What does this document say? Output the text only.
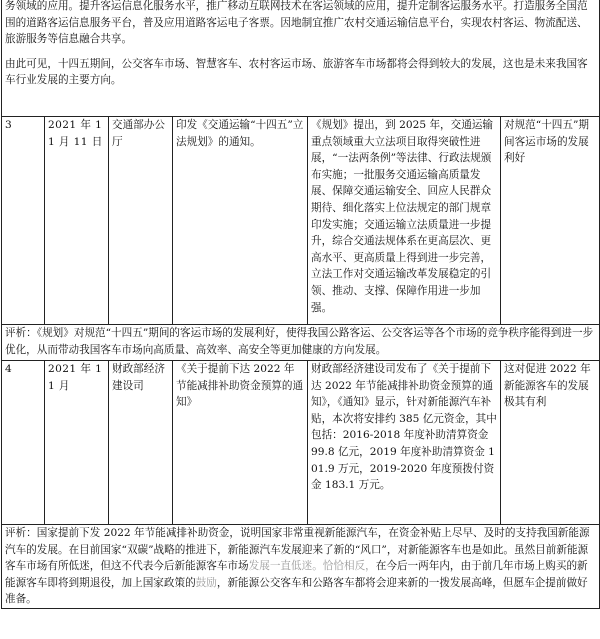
务领域的应用。提升客运信息化服务水平，推广移动互联网技术在客运领域的应用，提升定制客运服务水平。打造服务全国范围的道路客运信息服务平台，普及应用道路客运电子客票。因地制宜推广农村交通运输信息平台，实现农村客运、物流配送、旅游服务等信息融合共享。

由此可见，十四五期间，公交客车市场、智慧客车、农村客运市场、旅游客车市场都将会得到较大的发展，这也是未来我国客车行业发展的主要方向。					

3	2021 年 11 月 11 日	交通部办公厅	印发《交通运输“十四五”立法规划》的通知。	《规划》提出，到 2025 年，交通运输重点领域重大立法项目取得突破性进展，“一法两条例”等法律、行政法规颁布实施；一批服务交通运输高质量发展、保障交通运输安全、回应人民群众期待、细化落实上位法规定的部门规章印发实施；交通运输立法质量进一步提升，综合交通法规体系在更高层次、更高水平、更高质量上得到进一步完善，立法工作对交通运输改革发展稳定的引领、推动、支撑、保障作用进一步加强。	对规范“十四五”期间客运市场的发展利好
评析：《规划》对规范“十四五”期间的客运市场的发展利好，使得我国公路客运、公交客运等各个市场的竞争秩序能得到进一步优化，从而带动我国客车市场向高质量、高效率、高安全等更加健康的方向发展。					
4	2021 年 11 月	财政部经济建设司	《关于提前下达 2022 年节能减排补助资金预算的通知》	财政部经济建设司发布了《关于提前下达 2022 年节能减排补助资金预算的通知》，《通知》显示，针对新能源汽车补贴，本次将安排约 385 亿元资金，其中包括：2016-2018 年度补助清算资金 99.8 亿元，2019 年度补助清算资金 101.9 万元，2019-2020 年度预拨付资金 183.1 万元。	这对促进 2022 年新能源客车的发展极其有利
评析：国家提前下发 2022 年节能减排补助资金，说明国家非常重视新能源汽车，在资金补贴上尽早、及时的支持我国新能源汽车的发展。在目前国家“双碳”战略的推进下，新能源汽车发展迎来了新的“风口”，对新能源客车也是如此。虽然目前新能源客车市场有所低迷，但这不代表今后新能源客车市场发展一直低迷。恰恰相反，在今后一两年内，由于前几年市场上购买的新能源客车即将到期退役，加上国家政策的鼓励，新能源公交客车和公路客车都将会迎来新的一拨发展高峰，但愿车企提前做好准备。					
